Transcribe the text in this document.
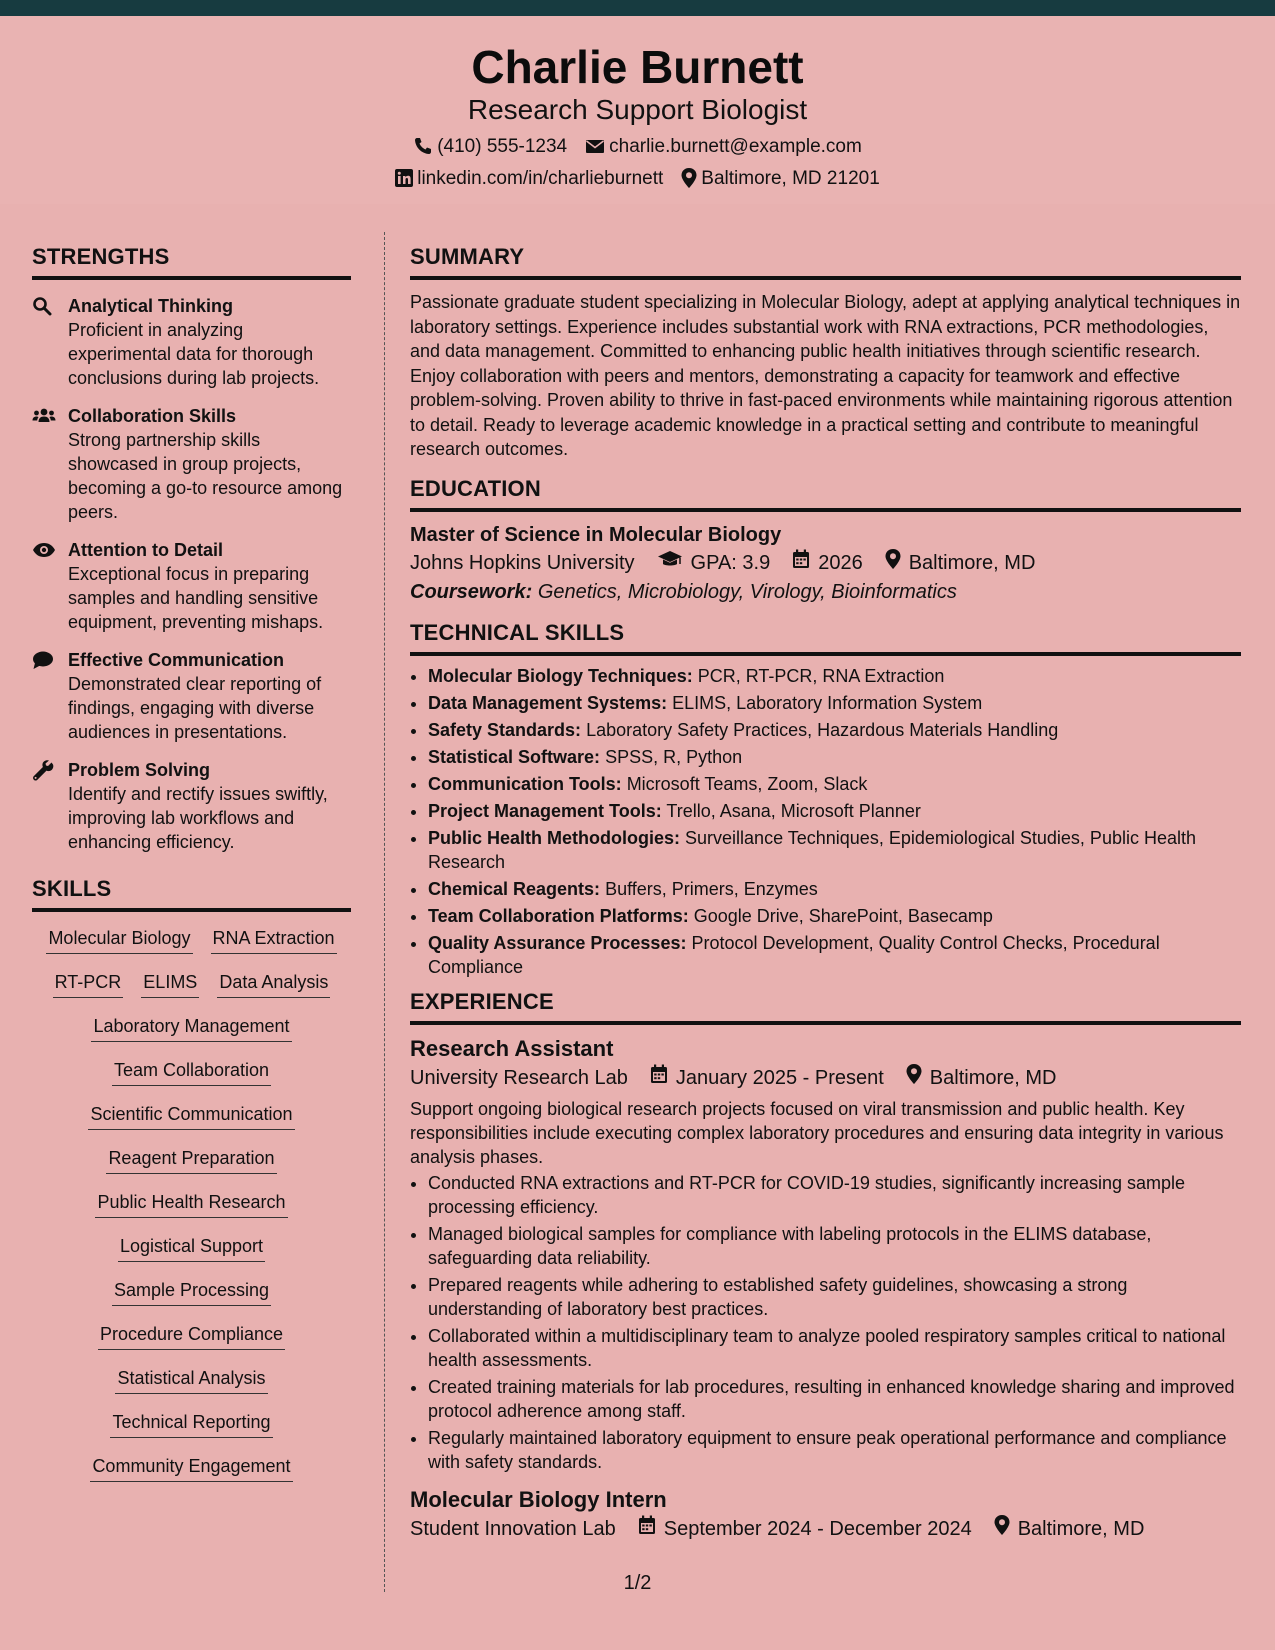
Charlie Burnett
Research Support Biologist
(410) 555-1234 charlie.burnett@example.com
linkedin.com/in/charlieburnett Baltimore, MD 21201
STRENGTHS
Analytical Thinking
Proficient in analyzing experimental data for thorough conclusions during lab projects.
Collaboration Skills
Strong partnership skills showcased in group projects, becoming a go-to resource among peers.
Attention to Detail
Exceptional focus in preparing samples and handling sensitive equipment, preventing mishaps.
Effective Communication
Demonstrated clear reporting of findings, engaging with diverse audiences in presentations.
Problem Solving
Identify and rectify issues swiftly, improving lab workflows and enhancing efficiency.
SKILLS
Molecular Biology RNA Extraction
RT-PCR ELIMS Data Analysis
Laboratory Management
Team Collaboration
Scientific Communication
Reagent Preparation
Public Health Research
Logistical Support
Sample Processing
Procedure Compliance
Statistical Analysis
Technical Reporting
Community Engagement
SUMMARY
Passionate graduate student specializing in Molecular Biology, adept at applying analytical techniques in laboratory settings. Experience includes substantial work with RNA extractions, PCR methodologies, and data management. Committed to enhancing public health initiatives through scientific research. Enjoy collaboration with peers and mentors, demonstrating a capacity for teamwork and effective problem-solving. Proven ability to thrive in fast-paced environments while maintaining rigorous attention to detail. Ready to leverage academic knowledge in a practical setting and contribute to meaningful research outcomes.
EDUCATION
Master of Science in Molecular Biology
Johns Hopkins University	GPA: 3.9 2026 Baltimore, MD
Coursework: Genetics, Microbiology, Virology, Bioinformatics
TECHNICAL SKILLS
• Molecular Biology Techniques: PCR, RT-PCR, RNA Extraction
• Data Management Systems: ELIMS, Laboratory Information System
• Safety Standards: Laboratory Safety Practices, Hazardous Materials Handling
• Statistical Software: SPSS, R, Python
• Communication Tools: Microsoft Teams, Zoom, Slack
• Project Management Tools: Trello, Asana, Microsoft Planner
• Public Health Methodologies: Surveillance Techniques, Epidemiological Studies, Public Health Research
• Chemical Reagents: Buffers, Primers, Enzymes
• Team Collaboration Platforms: Google Drive, SharePoint, Basecamp
• Quality Assurance Processes: Protocol Development, Quality Control Checks, Procedural Compliance
EXPERIENCE
Research Assistant
University Research Lab January 2025 - Present Baltimore, MD
Support ongoing biological research projects focused on viral transmission and public health. Key responsibilities include executing complex laboratory procedures and ensuring data integrity in various analysis phases.
• Conducted RNA extractions and RT-PCR for COVID-19 studies, significantly increasing sample processing efficiency.
• Managed biological samples for compliance with labeling protocols in the ELIMS database, safeguarding data reliability.
• Prepared reagents while adhering to established safety guidelines, showcasing a strong understanding of laboratory best practices.
• Collaborated within a multidisciplinary team to analyze pooled respiratory samples critical to national health assessments.
• Created training materials for lab procedures, resulting in enhanced knowledge sharing and improved protocol adherence among staff.
• Regularly maintained laboratory equipment to ensure peak operational performance and compliance with safety standards.
Molecular Biology Intern
Student Innovation Lab September 2024 - December 2024 Baltimore, MD
1/2
